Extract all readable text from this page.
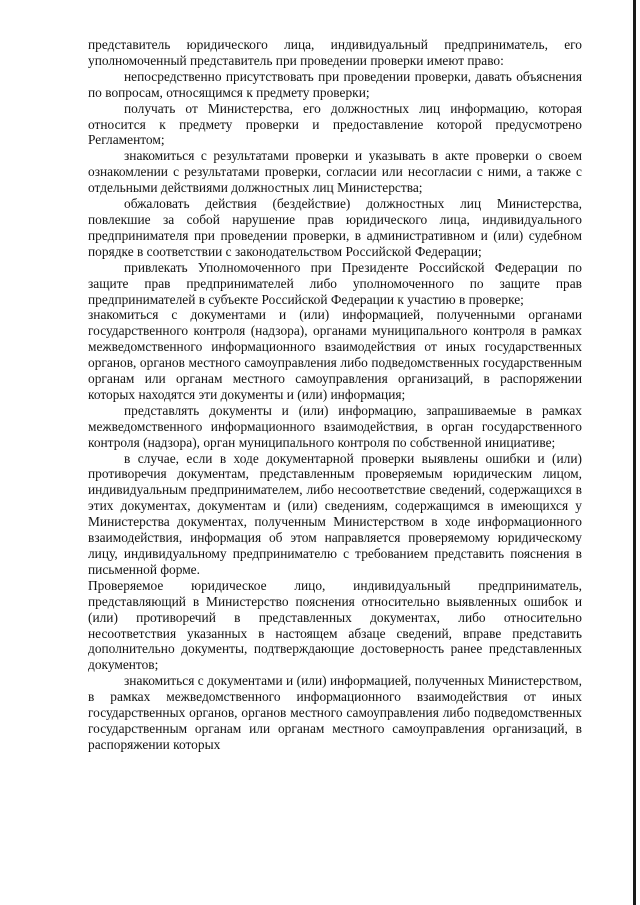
представитель юридического лица, индивидуальный предприниматель, его уполномоченный представитель при проведении проверки имеют право:

непосредственно присутствовать при проведении проверки, давать объяснения по вопросам, относящимся к предмету проверки;

получать от Министерства, его должностных лиц информацию, которая относится к предмету проверки и предоставление которой предусмотрено Регламентом;

знакомиться с результатами проверки и указывать в акте проверки о своем ознакомлении с результатами проверки, согласии или несогласии с ними, а также с отдельными действиями должностных лиц Министерства;

обжаловать действия (бездействие) должностных лиц Министерства, повлекшие за собой нарушение прав юридического лица, индивидуального предпринимателя при проведении проверки, в административном и (или) судебном порядке в соответствии с законодательством Российской Федерации;

привлекать Уполномоченного при Президенте Российской Федерации по защите прав предпринимателей либо уполномоченного по защите прав предпринимателей в субъекте Российской Федерации к участию в проверке;

знакомиться с документами и (или) информацией, полученными органами государственного контроля (надзора), органами муниципального контроля в рамках межведомственного информационного взаимодействия от иных государственных органов, органов местного самоуправления либо подведомственных государственным органам или органам местного самоуправления организаций, в распоряжении которых находятся эти документы и (или) информация;

представлять документы и (или) информацию, запрашиваемые в рамках межведомственного информационного взаимодействия, в орган государственного контроля (надзора), орган муниципального контроля по собственной инициативе;

в случае, если в ходе документарной проверки выявлены ошибки и (или) противоречия документам, представленным проверяемым юридическим лицом, индивидуальным предпринимателем, либо несоответствие сведений, содержащихся в этих документах, документам и (или) сведениям, содержащимся в имеющихся у Министерства документах, полученным Министерством в ходе информационного взаимодействия, информация об этом направляется проверяемому юридическому лицу, индивидуальному предпринимателю с требованием представить пояснения в письменной форме.

Проверяемое юридическое лицо, индивидуальный предприниматель, представляющий в Министерство пояснения относительно выявленных ошибок и (или) противоречий в представленных документах, либо относительно несоответствия указанных в настоящем абзаце сведений, вправе представить дополнительно документы, подтверждающие достоверность ранее представленных документов;

знакомиться с документами и (или) информацией, полученных Министерством, в рамках межведомственного информационного взаимодействия от иных государственных органов, органов местного самоуправления либо подведомственных государственным органам или органам местного самоуправления организаций, в распоряжении которых
